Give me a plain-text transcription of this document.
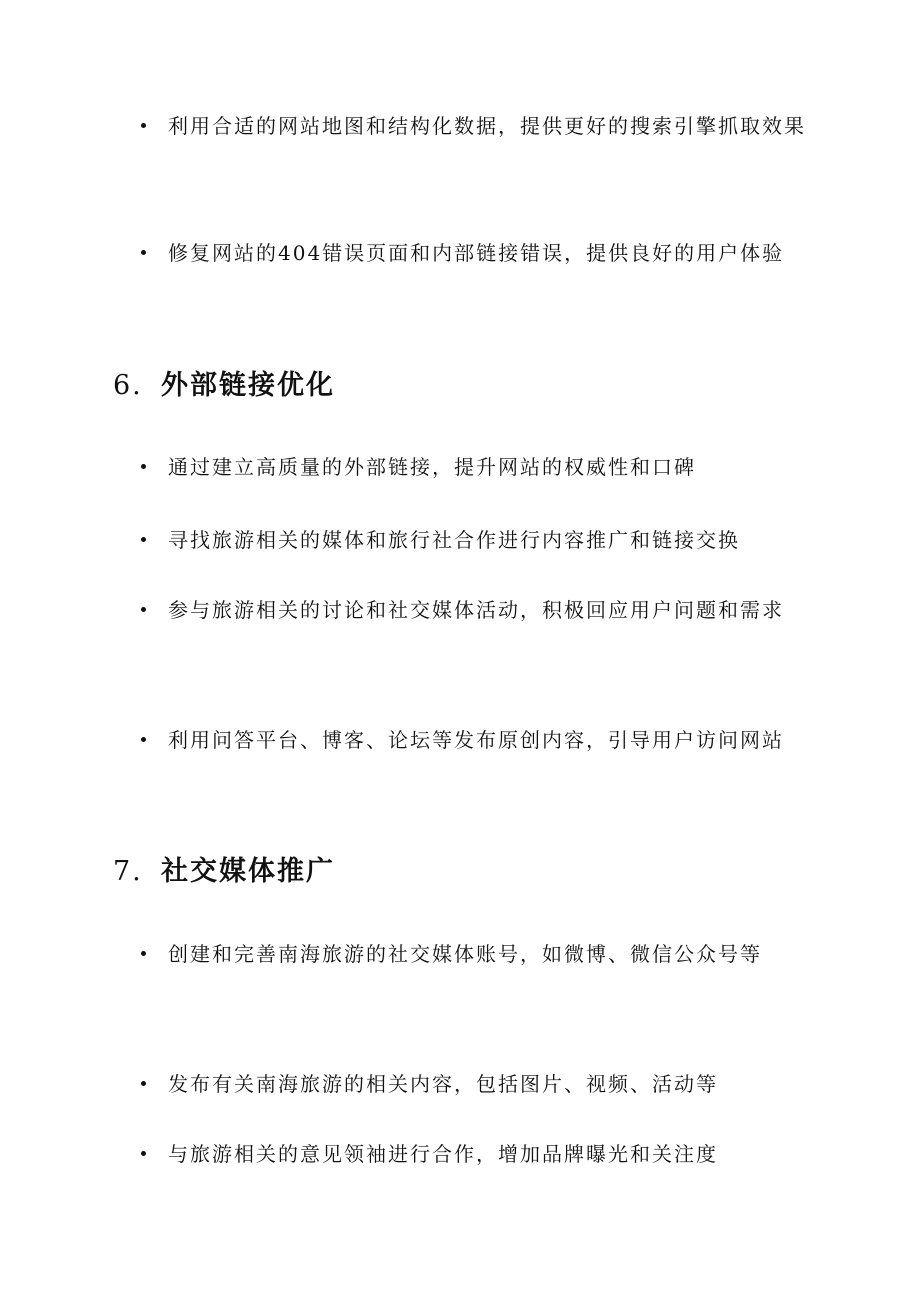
利用合适的网站地图和结构化数据，提供更好的搜索引擎抓取效果
修复网站的404错误页面和内部链接错误，提供良好的用户体验
6. 外部链接优化
通过建立高质量的外部链接，提升网站的权威性和口碑
寻找旅游相关的媒体和旅行社合作进行内容推广和链接交换
参与旅游相关的讨论和社交媒体活动，积极回应用户问题和需求
利用问答平台、博客、论坛等发布原创内容，引导用户访问网站
7. 社交媒体推广
创建和完善南海旅游的社交媒体账号，如微博、微信公众号等
发布有关南海旅游的相关内容，包括图片、视频、活动等
与旅游相关的意见领袖进行合作，增加品牌曝光和关注度
